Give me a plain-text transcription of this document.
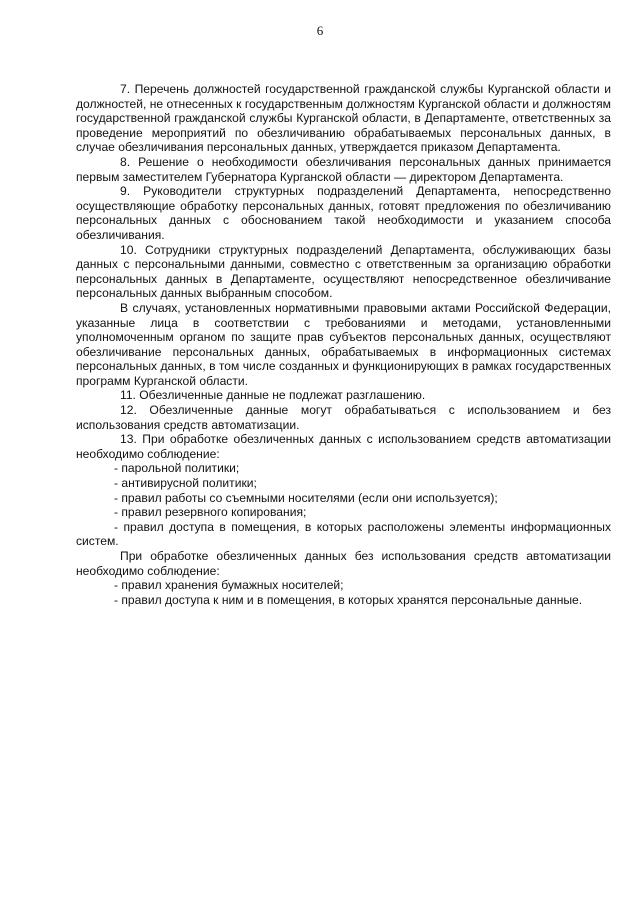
6

7. Перечень должностей государственной гражданской службы Курганской области и должностей, не отнесенных к государственным должностям Курганской области и должностям государственной гражданской службы Курганской области, в Департаменте, ответственных за проведение мероприятий по обезличиванию обрабатываемых персональных данных, в случае обезличивания персональных данных, утверждается приказом Департамента.

8. Решение о необходимости обезличивания персональных данных принимается первым заместителем Губернатора Курганской области — директором Департамента.

9. Руководители структурных подразделений Департамента, непосредственно осуществляющие обработку персональных данных, готовят предложения по обезличиванию персональных данных с обоснованием такой необходимости и указанием способа обезличивания.

10. Сотрудники структурных подразделений Департамента, обслуживающих базы данных с персональными данными, совместно с ответственным за организацию обработки персональных данных в Департаменте, осуществляют непосредственное обезличивание персональных данных выбранным способом.

В случаях, установленных нормативными правовыми актами Российской Федерации, указанные лица в соответствии с требованиями и методами, установленными уполномоченным органом по защите прав субъектов персональных данных, осуществляют обезличивание персональных данных, обрабатываемых в информационных системах персональных данных, в том числе созданных и функционирующих в рамках государственных программ Курганской области.

11. Обезличенные данные не подлежат разглашению.

12. Обезличенные данные могут обрабатываться с использованием и без использования средств автоматизации.

13. При обработке обезличенных данных с использованием средств автоматизации необходимо соблюдение:

- парольной политики;

- антивирусной политики;

- правил работы со съемными носителями (если они используется);

- правил резервного копирования;

- правил доступа в помещения, в которых расположены элементы информационных систем.

При обработке обезличенных данных без использования средств автоматизации необходимо соблюдение:

- правил хранения бумажных носителей;

- правил доступа к ним и в помещения, в которых хранятся персональные данные.
